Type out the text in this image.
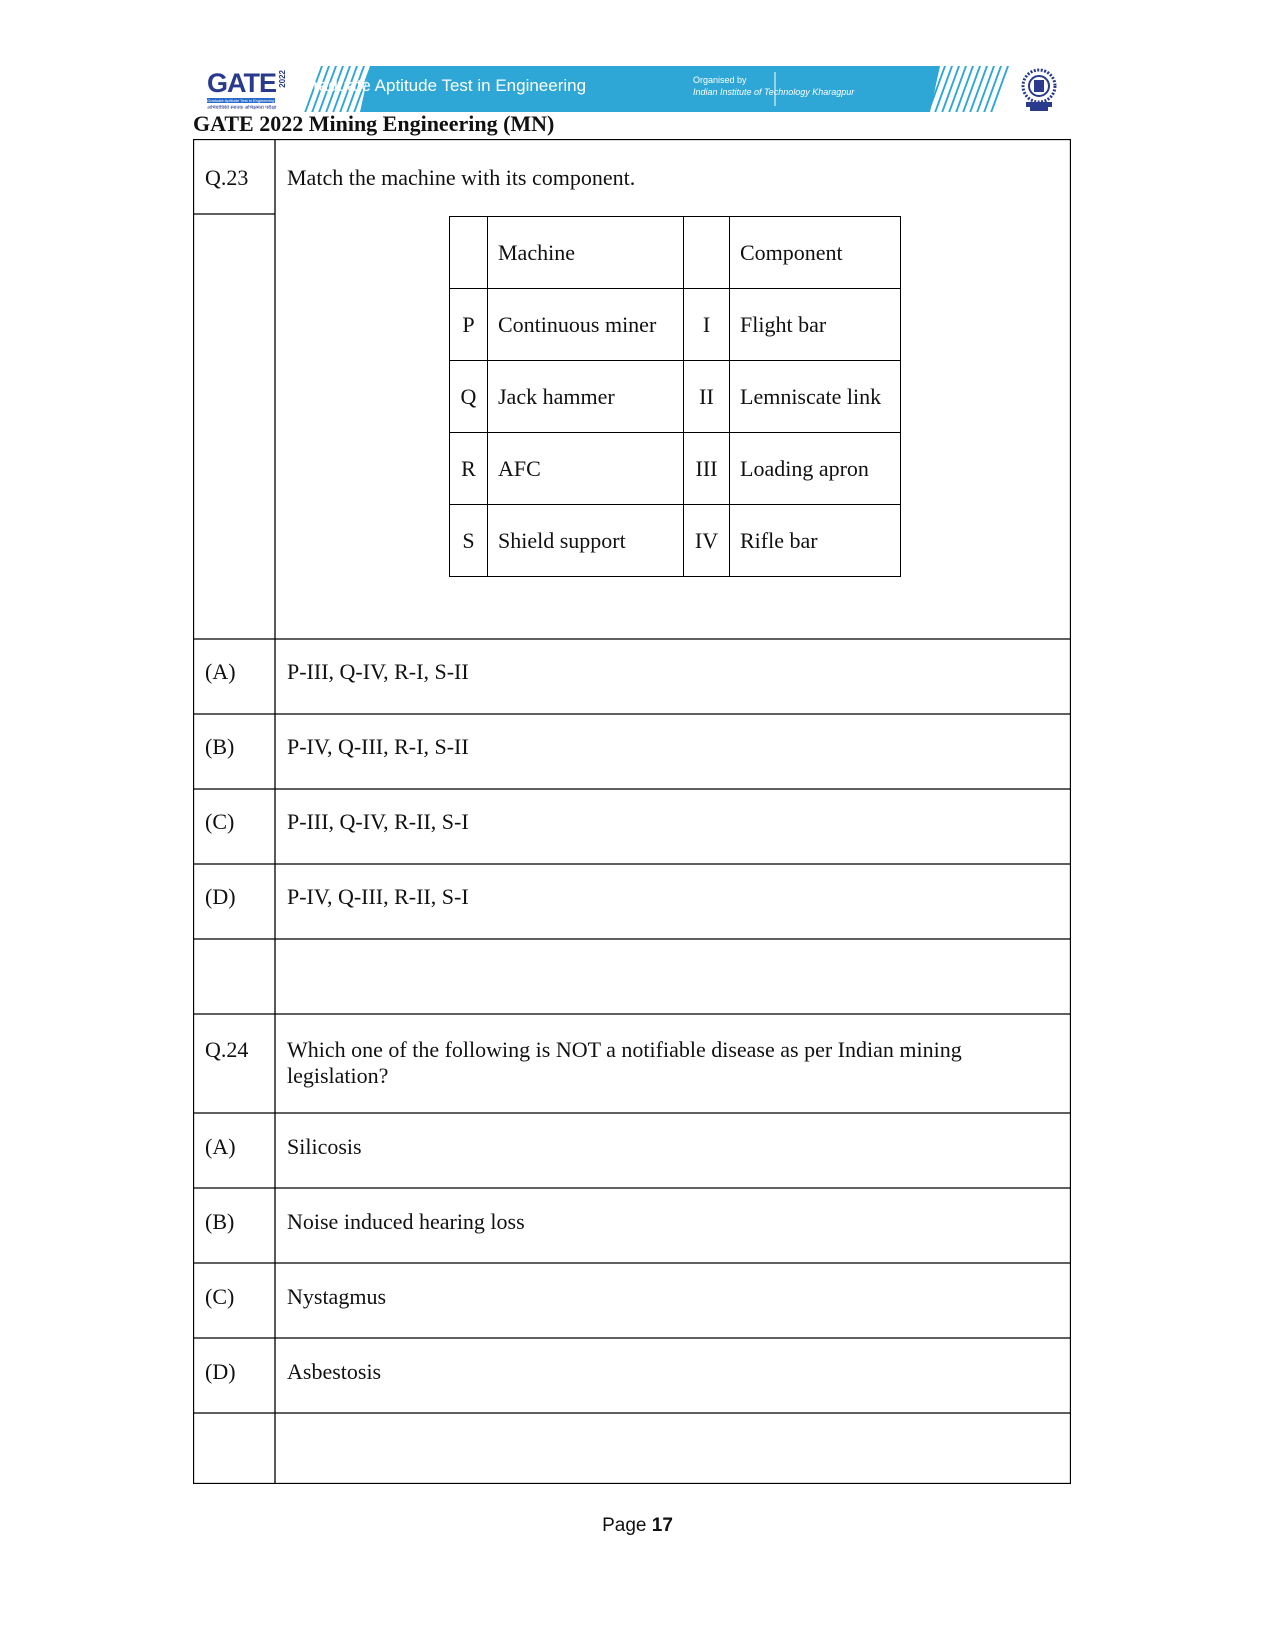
GATE 2022
Graduate Aptitude Test in Engineering
अभियांत्रिकी स्नातक अभिक्षमता परीक्षा
Graduate Aptitude Test in Engineering	Organised by
Indian Institute of Technology Kharagpur
GATE 2022 Mining Engineering (MN)
Q.23 Match the machine with its component.
	Machine		Component
P	Continuous miner	I	Flight bar
Q	Jack hammer	II	Lemniscate link
R	AFC	III	Loading apron
S	Shield support	IV	Rifle bar
(A) P-III, Q-IV, R-I, S-II
(B) P-IV, Q-III, R-I, S-II
(C) P-III, Q-IV, R-II, S-I
(D) P-IV, Q-III, R-II, S-I
Q.24 Which one of the following is NOT a notifiable disease as per Indian mining
legislation?
(A) Silicosis
(B) Noise induced hearing loss
(C) Nystagmus
(D) Asbestosis
Page 17
